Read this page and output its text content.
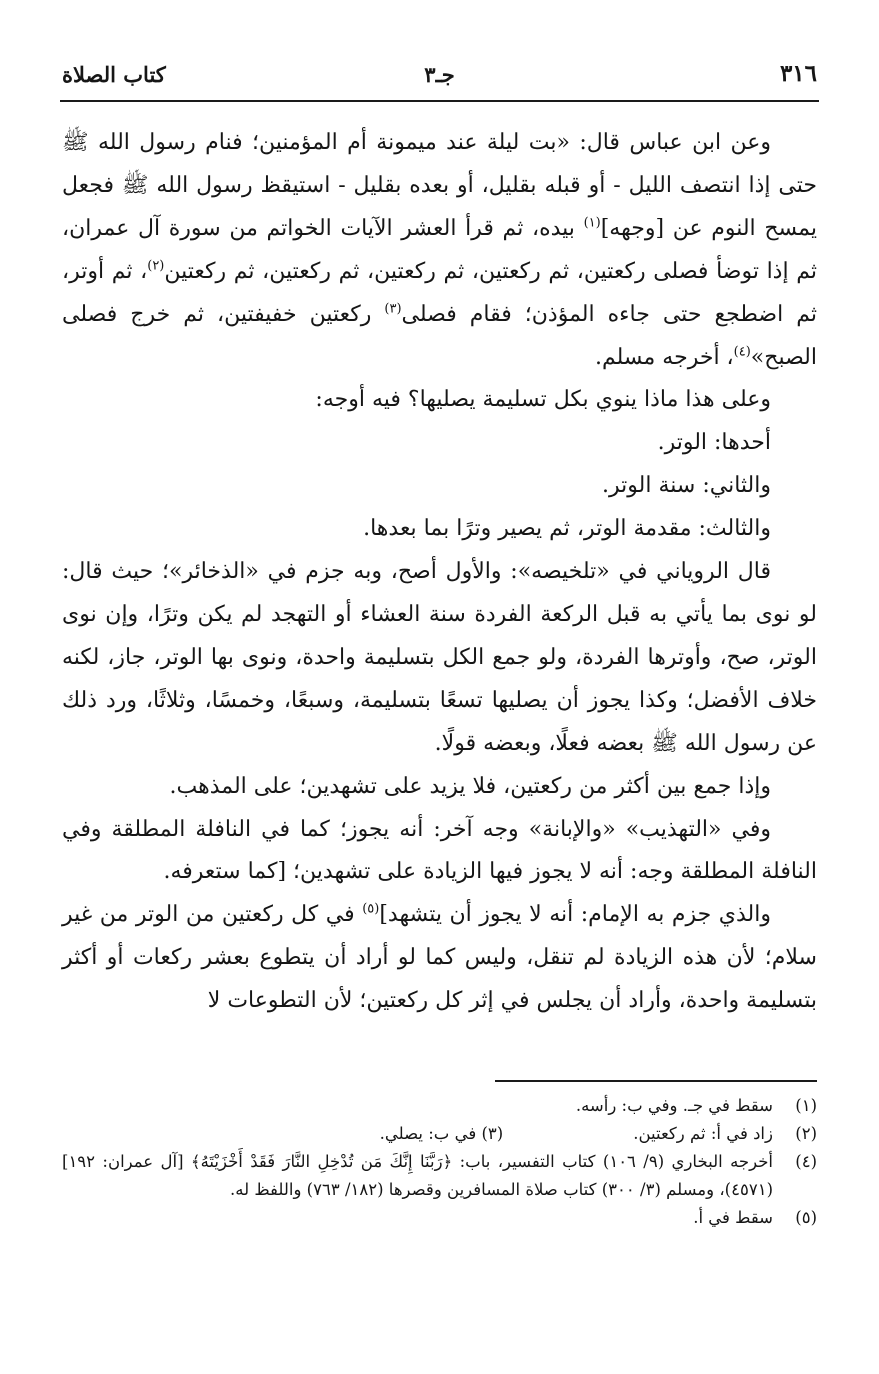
٣١٦
جـ٣
كتاب الصلاة

وعن ابن عباس قال: «بت ليلة عند ميمونة أم المؤمنين؛ فنام رسول الله ﷺ حتى إذا انتصف الليل - أو قبله بقليل، أو بعده بقليل - استيقظ رسول الله ﷺ فجعل يمسح النوم عن [وجهه]$^{(١)}$ بيده، ثم قرأ العشر الآيات الخواتم من سورة آل عمران، ثم إذا توضأ فصلى ركعتين، ثم ركعتين، ثم ركعتين، ثم ركعتين، ثم ركعتين$^{(٢)}$، ثم أوتر، ثم اضطجع حتى جاءه المؤذن؛ فقام فصلى$^{(٣)}$ ركعتين خفيفتين، ثم خرج فصلى الصبح»$^{(٤)}$، أخرجه مسلم.

وعلى هذا ماذا ينوي بكل تسليمة يصليها؟ فيه أوجه:

أحدها: الوتر.

والثاني: سنة الوتر.

والثالث: مقدمة الوتر، ثم يصير وترًا بما بعدها.

قال الروياني في «تلخيصه»: والأول أصح، وبه جزم في «الذخائر»؛ حيث قال: لو نوى بما يأتي به قبل الركعة الفردة سنة العشاء أو التهجد لم يكن وترًا، وإن نوى الوتر، صح، وأوترها الفردة، ولو جمع الكل بتسليمة واحدة، ونوى بها الوتر، جاز، لكنه خلاف الأفضل؛ وكذا يجوز أن يصليها تسعًا بتسليمة، وسبعًا، وخمسًا، وثلاثًا، ورد ذلك عن رسول الله ﷺ بعضه فعلًا، وبعضه قولًا.

وإذا جمع بين أكثر من ركعتين، فلا يزيد على تشهدين؛ على المذهب.

وفي «التهذيب» «والإبانة» وجه آخر: أنه يجوز؛ كما في النافلة المطلقة وفي النافلة المطلقة وجه: أنه لا يجوز فيها الزيادة على تشهدين؛ [كما ستعرفه.

والذي جزم به الإمام: أنه لا يجوز أن يتشهد]$^{(٥)}$ في كل ركعتين من الوتر من غير سلام؛ لأن هذه الزيادة لم تنقل، وليس كما لو أراد أن يتطوع بعشر ركعات أو أكثر بتسليمة واحدة، وأراد أن يجلس في إثر كل ركعتين؛ لأن التطوعات لا

(١)
سقط في جـ. وفي ب: رأسه.
(٢)
زاد في أ: ثم ركعتين.(٣) في ب: يصلي.
(٤)
أخرجه البخاري (٩/ ١٠٦) كتاب التفسير، باب: ﴿رَبَّنَا إِنَّكَ مَن تُدْخِلِ النَّارَ فَقَدْ أَخْزَيْتَهُ﴾ [آل عمران: ١٩٢] (٤٥٧١)، ومسلم (٣/ ٣٠٠) كتاب صلاة المسافرين وقصرها (١٨٢/ ٧٦٣) واللفظ له.
(٥)
سقط في أ.
